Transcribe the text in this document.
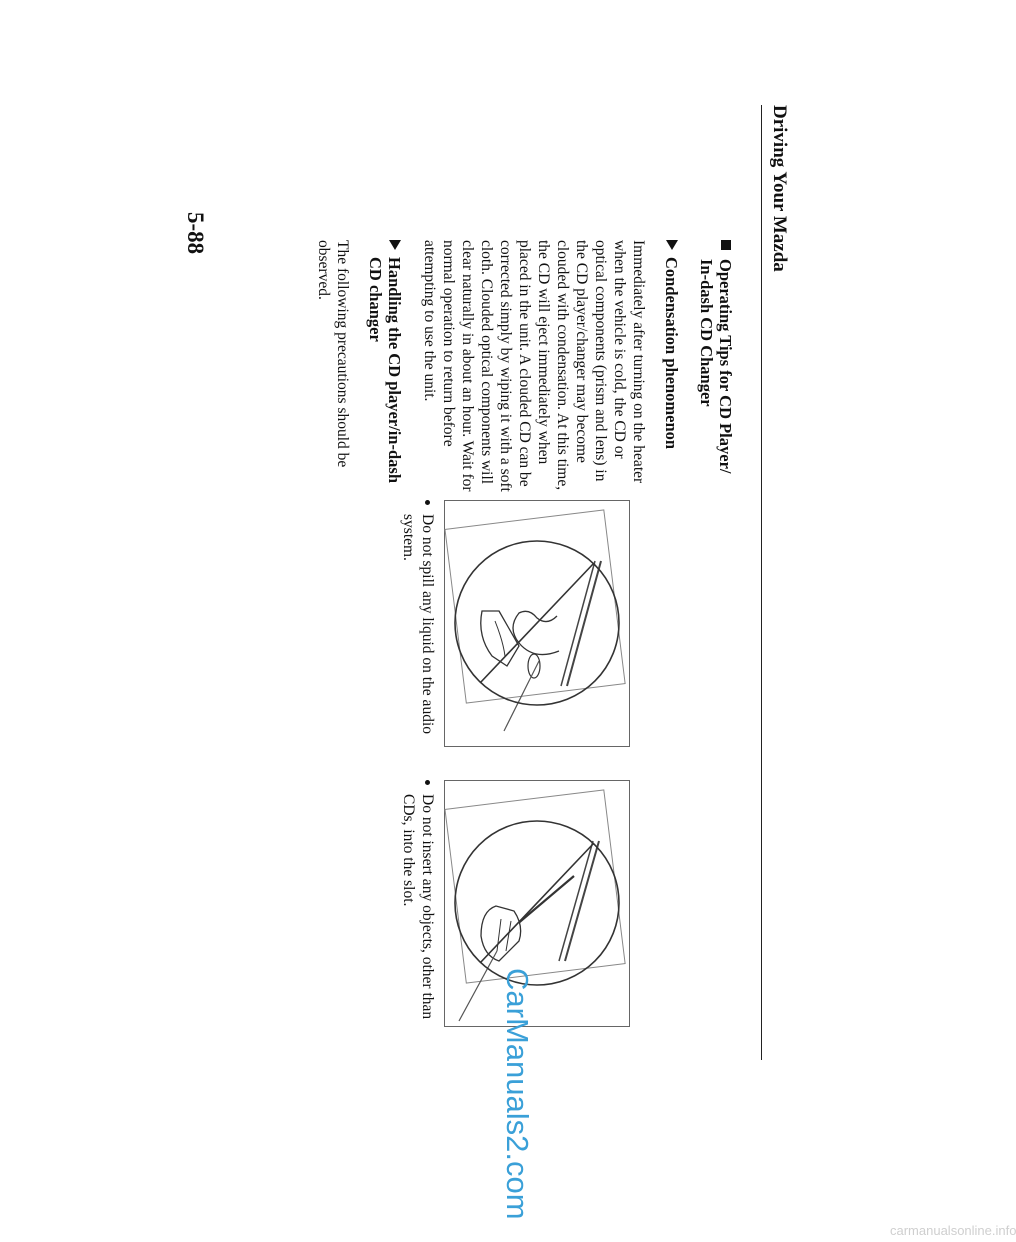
Driving Your Mazda
Operating Tips for CD Player/ In-dash CD Changer
Condensation phenomenon
Immediately after turning on the heater when the vehicle is cold, the CD or optical components (prism and lens) in the CD player/changer may become clouded with condensation. At this time, the CD will eject immediately when placed in the unit. A clouded CD can be corrected simply by wiping it with a soft cloth. Clouded optical components will clear naturally in about an hour. Wait for normal operation to return before attempting to use the unit.
Handling the CD player/in-dash CD changer
The following precautions should be observed.
Do not spill any liquid on the audio system.
Do not insert any objects, other than CDs, into the slot.
5-88
CarManuals2.com
carmanualsonline.info
